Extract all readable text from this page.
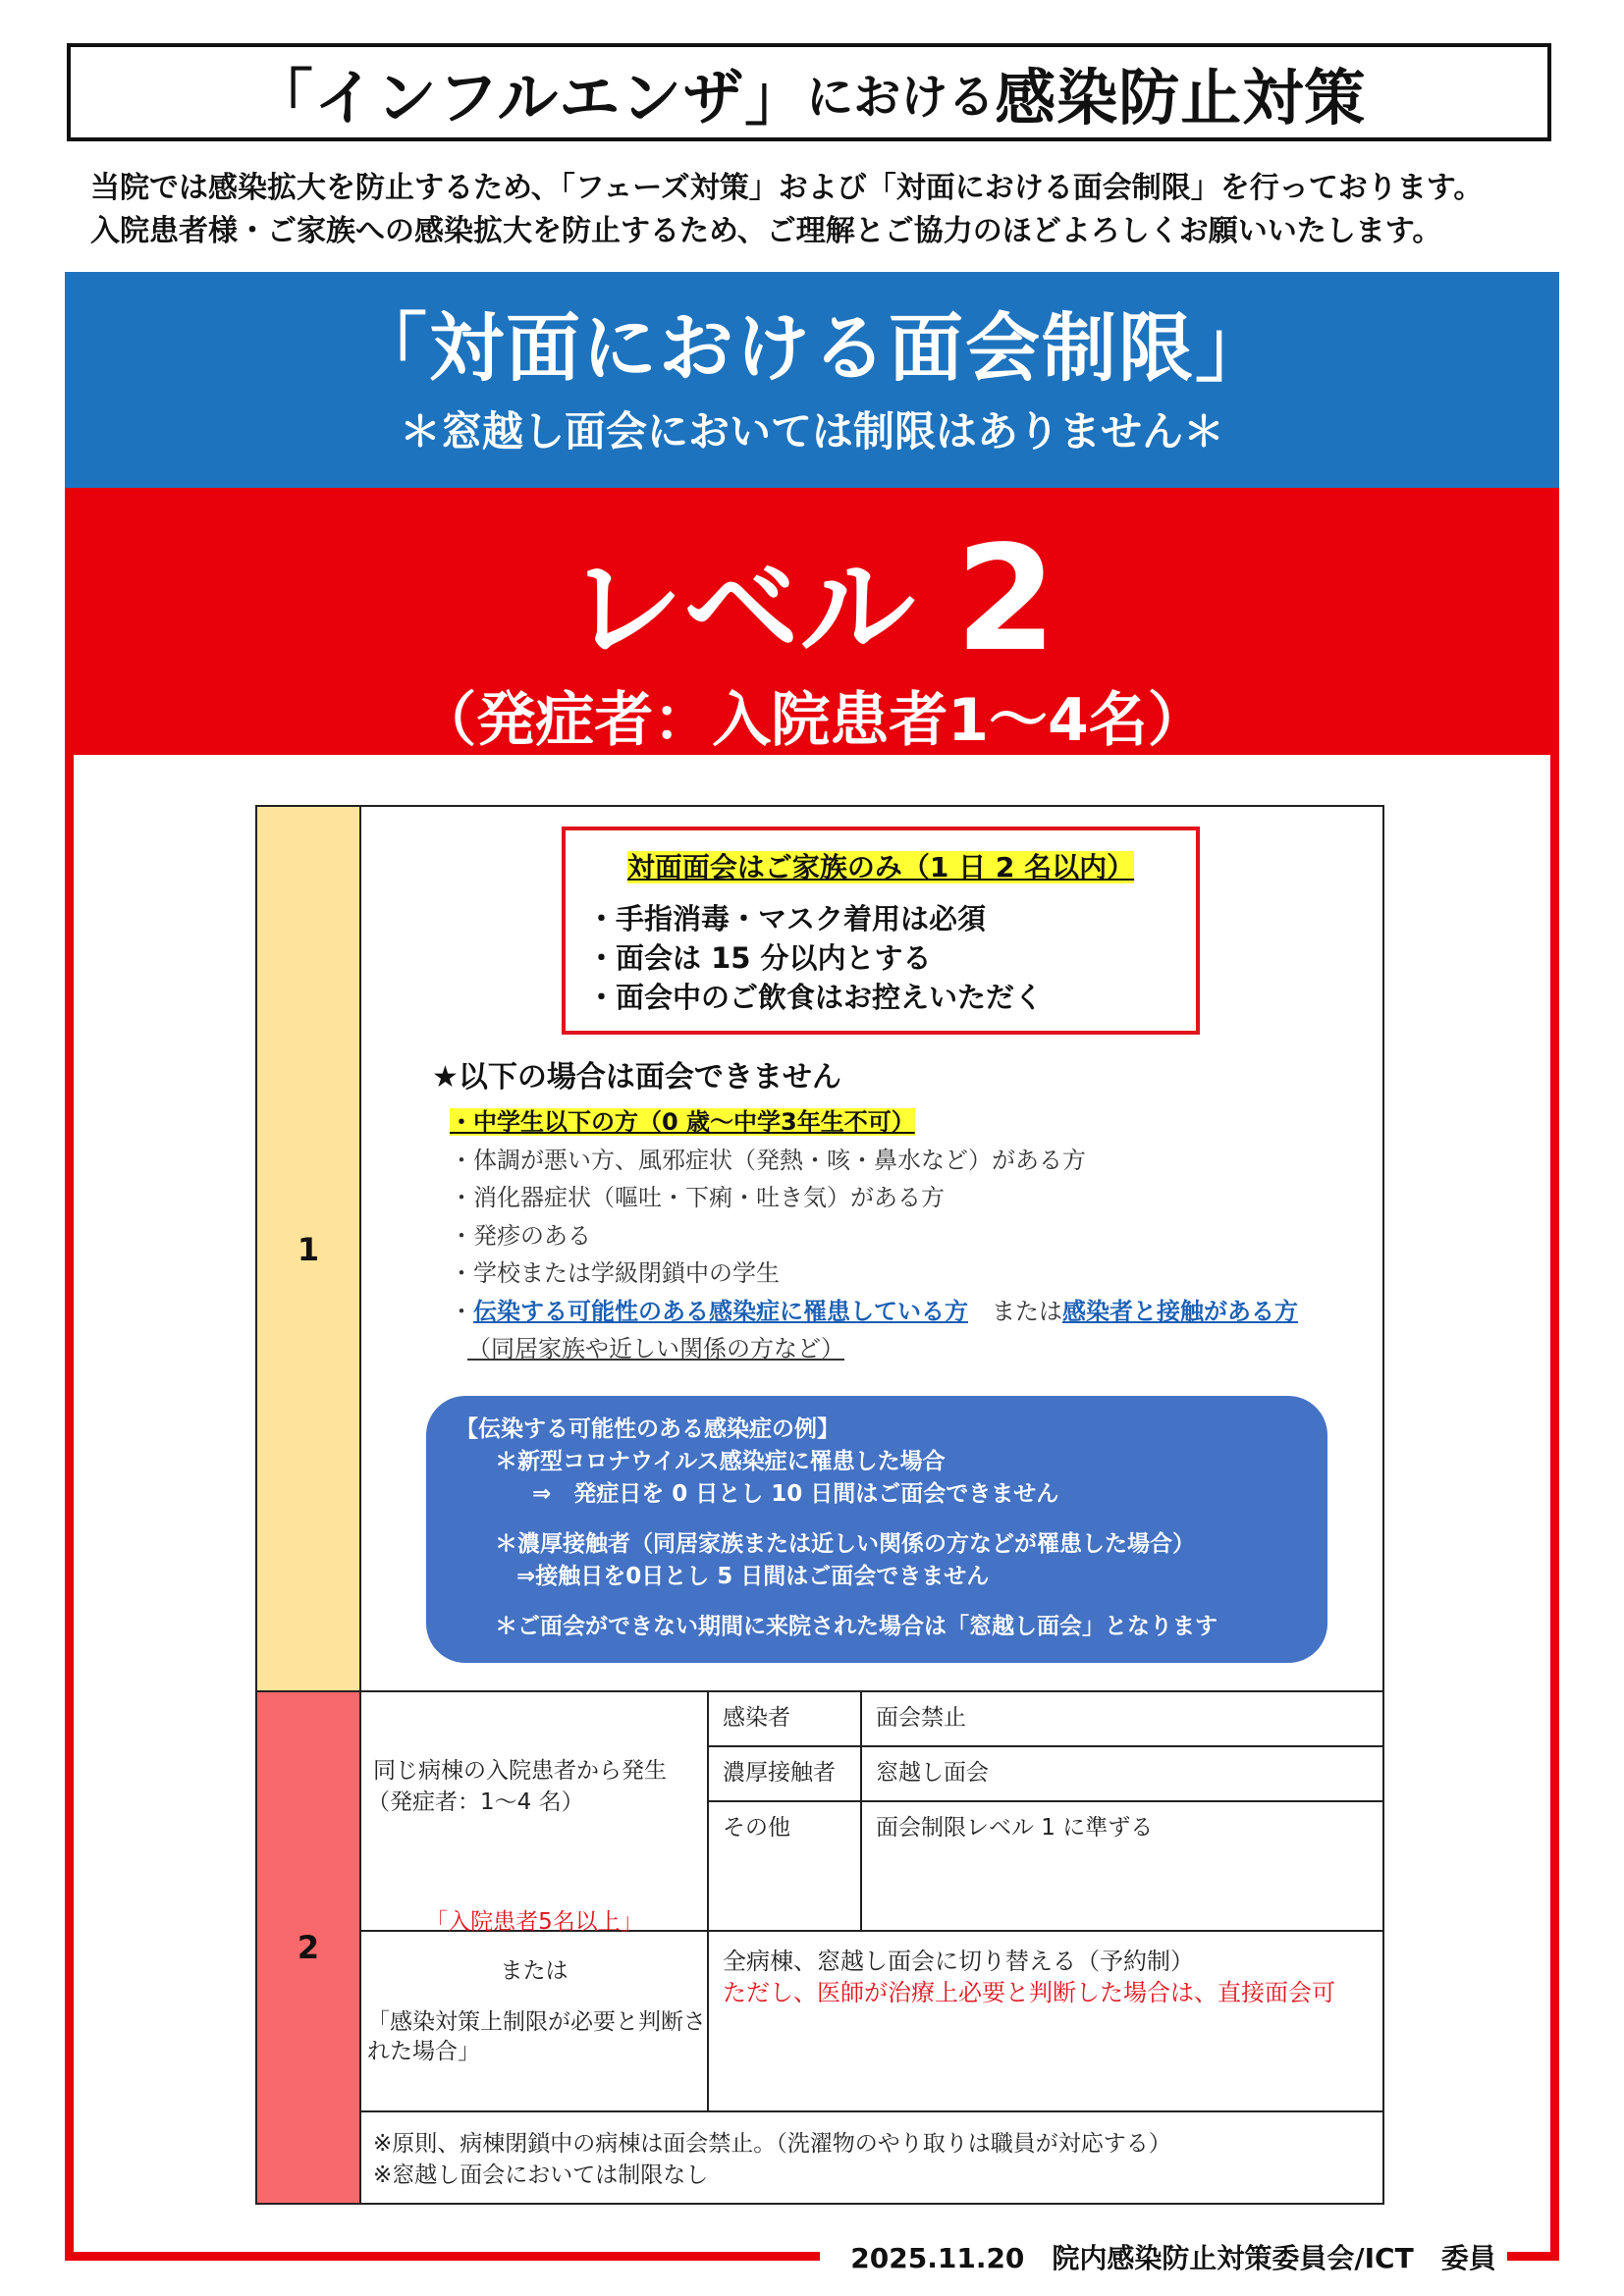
「インフルエンザ」 における 感染防止対策
当院では感染拡大を防止するため、「フェーズ対策」および「対面における面会制限」を行っております。
入院患者様・ご家族への感染拡大を防止するため、ご理解とご協力のほどよろしくお願いいたします。
「対面における面会制限」
＊窓越し面会においては制限はありません＊
レベル 2
（発症者：入院患者1～4名）
1
2
対面面会はご家族のみ（1 日 2 名以内）
・手指消毒・マスク着用は必須
・面会は 15 分以内とする
・面会中のご飲食はお控えいただく
★以下の場合は面会できません
・中学生以下の方（0 歳～中学3年生不可）
・体調が悪い方、風邪症状（発熱・咳・鼻水など）がある方
・消化器症状（嘔吐・下痢・吐き気）がある方
・発疹のある
・学校または学級閉鎖中の学生
・伝染する可能性のある感染症に罹患している方　または感染者と接触がある方
（同居家族や近しい関係の方など）

【伝染する可能性のある感染症の例】

＊新型コロナウイルス感染症に罹患した場合

⇒　発症日を 0 日とし 10 日間はご面会できません

＊濃厚接触者（同居家族または近しい関係の方などが罹患した場合）

⇒接触日を0日とし 5 日間はご面会できません

＊ご面会ができない期間に来院された場合は「窓越し面会」となります

同じ病棟の入院患者から発生
（発症者：1～4 名）
感染者	面会禁止
濃厚接触者 窓越し面会
その他	面会制限レベル 1 に準ずる
「入院患者5名以上」
または
「感染対策上制限が必要と判断さ
れた場合」
全病棟、窓越し面会に切り替える（予約制）
ただし、医師が治療上必要と判断した場合は、直接面会可
※原則、病棟閉鎖中の病棟は面会禁止。（洗濯物のやり取りは職員が対応する）
※窓越し面会においては制限なし
2025.11.20　院内感染防止対策委員会/ICT　委員
